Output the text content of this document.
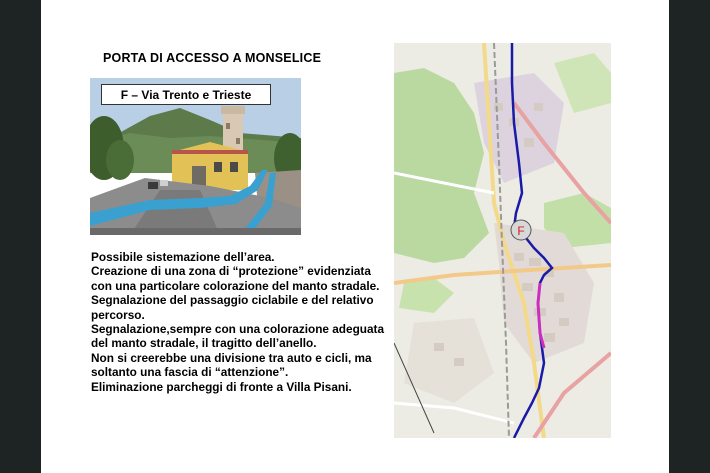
PORTA DI ACCESSO A MONSELICE
F – Via Trento e Trieste
Possibile sistemazione dell’area.
Creazione di una zona di “protezione” evidenziata con una particolare colorazione del manto stradale.
Segnalazione del passaggio ciclabile e del relativo percorso.
Segnalazione,sempre con una colorazione adeguata del manto stradale, il tragitto dell’anello.
Non si creerebbe una divisione tra auto e cicli, ma soltanto una fascia di “attenzione”.
Eliminazione parcheggi di fronte a Villa Pisani.
F
